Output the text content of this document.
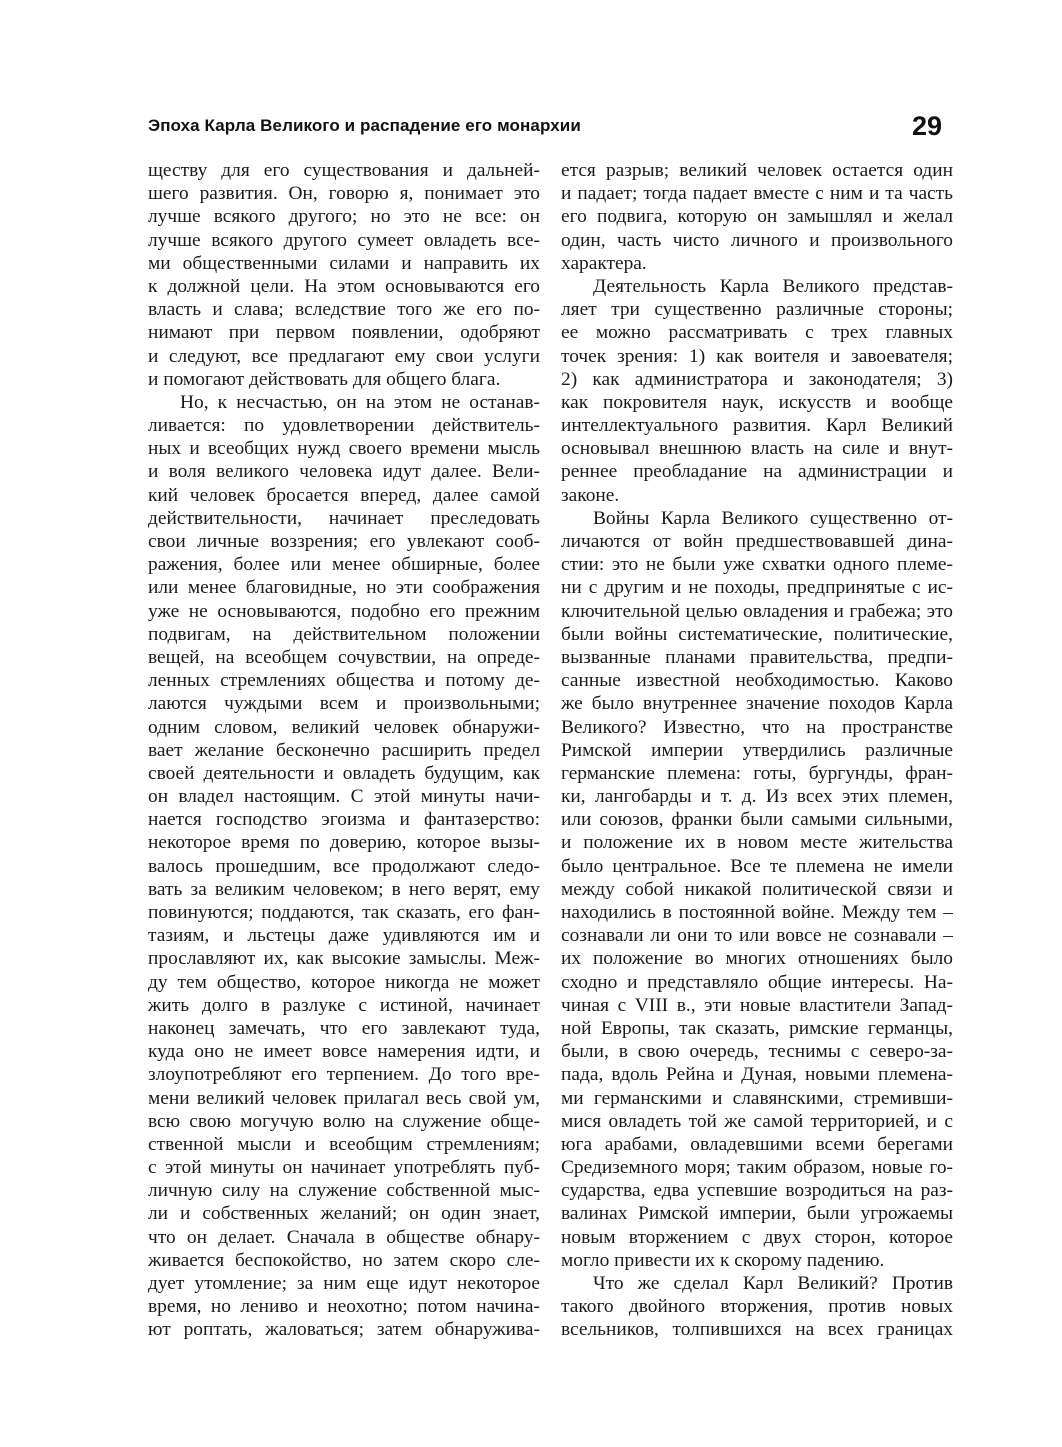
Эпоха Карла Великого и распадение его монархии	29
ществу для его существования и дальней-
шего развития. Он, говорю я, понимает это
лучше всякого другого; но это не все: он
лучше всякого другого сумеет овладеть все-
ми общественными силами и направить их
к должной цели. На этом основываются его
власть и слава; вследствие того же его по-
нимают при первом появлении, одобряют
и следуют, все предлагают ему свои услуги
и помогают действовать для общего блага.
Но, к несчастью, он на этом не останав-
ливается: по удовлетворении действитель-
ных и всеобщих нужд своего времени мысль
и воля великого человека идут далее. Вели-
кий человек бросается вперед, далее самой
действительности, начинает преследовать
свои личные воззрения; его увлекают сооб-
ражения, более или менее обширные, более
или менее благовидные, но эти соображения
уже не основываются, подобно его прежним
подвигам, на действительном положении
вещей, на всеобщем сочувствии, на опреде-
ленных стремлениях общества и потому де-
лаются чуждыми всем и произвольными;
одним словом, великий человек обнаружи-
вает желание бесконечно расширить предел
своей деятельности и овладеть будущим, как
он владел настоящим. С этой минуты начи-
нается господство эгоизма и фантазерство:
некоторое время по доверию, которое вызы-
валось прошедшим, все продолжают следо-
вать за великим человеком; в него верят, ему
повинуются; поддаются, так сказать, его фан-
тазиям, и льстецы даже удивляются им и
прославляют их, как высокие замыслы. Меж-
ду тем общество, которое никогда не может
жить долго в разлуке с истиной, начинает
наконец замечать, что его завлекают туда,
куда оно не имеет вовсе намерения идти, и
злоупотребляют его терпением. До того вре-
мени великий человек прилагал весь свой ум,
всю свою могучую волю на служение обще-
ственной мысли и всеобщим стремлениям;
с этой минуты он начинает употреблять пуб-
личную силу на служение собственной мыс-
ли и собственных желаний; он один знает,
что он делает. Сначала в обществе обнару-
живается беспокойство, но затем скоро сле-
дует утомление; за ним еще идут некоторое
время, но лениво и неохотно; потом начина-
ют роптать, жаловаться; затем обнаружива-
ется разрыв; великий человек остается один
и падает; тогда падает вместе с ним и та часть
его подвига, которую он замышлял и желал
один, часть чисто личного и произвольного
характера.
Деятельность Карла Великого представ-
ляет три существенно различные стороны;
ее можно рассматривать с трех главных
точек зрения: 1) как воителя и завоевателя;
2) как администратора и законодателя; 3)
как покровителя наук, искусств и вообще
интеллектуального развития. Карл Великий
основывал внешнюю власть на силе и внут-
реннее преобладание на администрации и
законе.
Войны Карла Великого существенно от-
личаются от войн предшествовавшей дина-
стии: это не были уже схватки одного племе-
ни с другим и не походы, предпринятые с ис-
ключительной целью овладения и грабежа; это
были войны систематические, политические,
вызванные планами правительства, предпи-
санные известной необходимостью. Каково
же было внутреннее значение походов Карла
Великого? Известно, что на пространстве
Римской империи утвердились различные
германские племена: готы, бургунды, фран-
ки, лангобарды и т. д. Из всех этих племен,
или союзов, франки были самыми сильными,
и положение их в новом месте жительства
было центральное. Все те племена не имели
между собой никакой политической связи и
находились в постоянной войне. Между тем –
сознавали ли они то или вовсе не сознавали –
их положение во многих отношениях было
сходно и представляло общие интересы. На-
чиная с VIII в., эти новые властители Запад-
ной Европы, так сказать, римские германцы,
были, в свою очередь, теснимы с северо-за-
пада, вдоль Рейна и Дуная, новыми племена-
ми германскими и славянскими, стремивши-
мися овладеть той же самой территорией, и с
юга арабами, овладевшими всеми берегами
Средиземного моря; таким образом, новые го-
сударства, едва успевшие возродиться на раз-
валинах Римской империи, были угрожаемы
новым вторжением с двух сторон, которое
могло привести их к скорому падению.
Что же сделал Карл Великий? Против
такого двойного вторжения, против новых
всельников, толпившихся на всех границах
